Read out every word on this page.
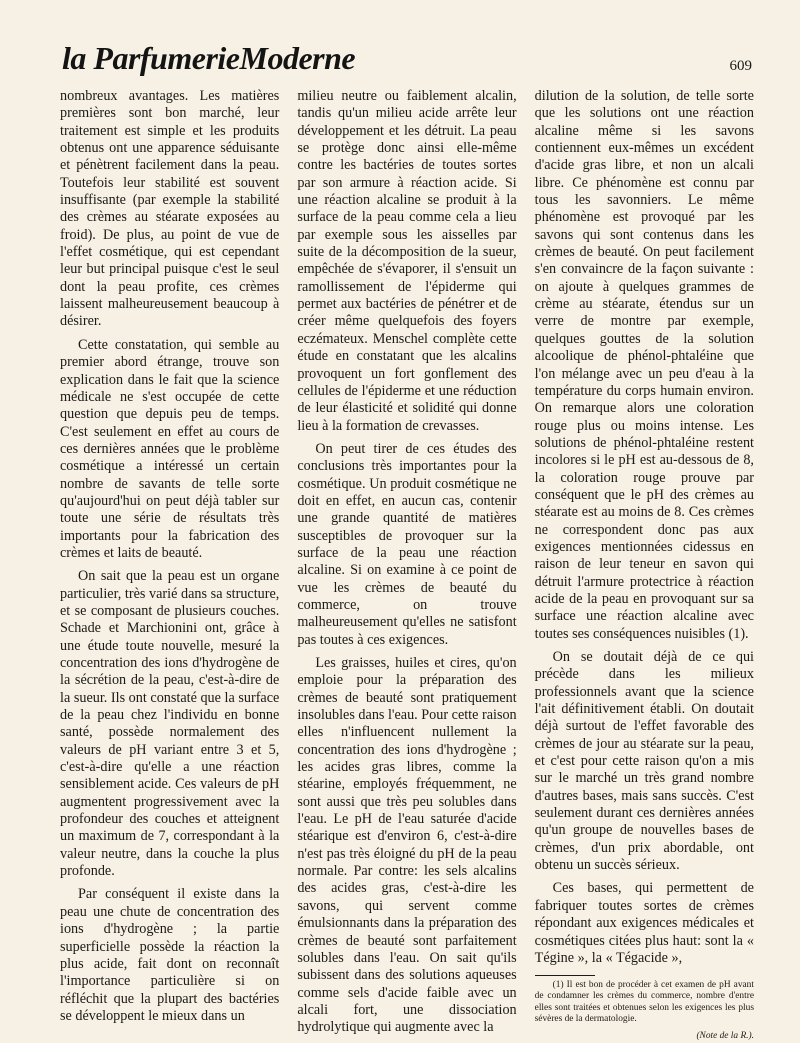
la ParfumerieModerne	609

nombreux avantages. Les matières premières sont bon marché, leur traitement est simple et les produits obtenus ont une apparence séduisante et pénètrent facilement dans la peau. Toutefois leur stabilité est souvent insuffisante (par exemple la stabilité des crèmes au stéarate exposées au froid). De plus, au point de vue de l'effet cosmétique, qui est cependant leur but principal puisque c'est le seul dont la peau profite, ces crèmes laissent malheureusement beaucoup à désirer.

Cette constatation, qui semble au premier abord étrange, trouve son explication dans le fait que la science médicale ne s'est occupée de cette question que depuis peu de temps. C'est seulement en effet au cours de ces dernières années que le problème cosmétique a intéressé un certain nombre de savants de telle sorte qu'aujourd'hui on peut déjà tabler sur toute une série de résultats très importants pour la fabrication des crèmes et laits de beauté.

On sait que la peau est un organe particulier, très varié dans sa structure, et se composant de plusieurs couches. Schade et Marchionini ont, grâce à une étude toute nouvelle, mesuré la concentration des ions d'hydrogène de la sécrétion de la peau, c'est-à-dire de la sueur. Ils ont constaté que la surface de la peau chez l'individu en bonne santé, possède normalement des valeurs de pH variant entre 3 et 5, c'est-à-dire qu'elle a une réaction sensiblement acide. Ces valeurs de pH augmentent progressivement avec la profondeur des couches et atteignent un maximum de 7, correspondant à la valeur neutre, dans la couche la plus profonde.

Par conséquent il existe dans la peau une chute de concentration des ions d'hydrogène ; la partie superficielle possède la réaction la plus acide, fait dont on reconnaît l'importance particulière si on réfléchit que la plupart des bactéries se développent le mieux dans un

milieu neutre ou faiblement alcalin, tandis qu'un milieu acide arrête leur développement et les détruit. La peau se protège donc ainsi elle-même contre les bactéries de toutes sortes par son armure à réaction acide. Si une réaction alcaline se produit à la surface de la peau comme cela a lieu par exemple sous les aisselles par suite de la décomposition de la sueur, empêchée de s'évaporer, il s'ensuit un ramollissement de l'épiderme qui permet aux bactéries de pénétrer et de créer même quelquefois des foyers eczémateux. Menschel complète cette étude en constatant que les alcalins provoquent un fort gonflement des cellules de l'épiderme et une réduction de leur élasticité et solidité qui donne lieu à la formation de crevasses.

On peut tirer de ces études des conclusions très importantes pour la cosmétique. Un produit cosmétique ne doit en effet, en aucun cas, contenir une grande quantité de matières susceptibles de provoquer sur la surface de la peau une réaction alcaline. Si on examine à ce point de vue les crèmes de beauté du commerce, on trouve malheureusement qu'elles ne satisfont pas toutes à ces exigences.

Les graisses, huiles et cires, qu'on emploie pour la préparation des crèmes de beauté sont pratiquement insolubles dans l'eau. Pour cette raison elles n'influencent nullement la concentration des ions d'hydrogène ; les acides gras libres, comme la stéarine, employés fréquemment, ne sont aussi que très peu solubles dans l'eau. Le pH de l'eau saturée d'acide stéarique est d'environ 6, c'est-à-dire n'est pas très éloigné du pH de la peau normale. Par contre: les sels alcalins des acides gras, c'est-à-dire les savons, qui servent comme émulsionnants dans la préparation des crèmes de beauté sont parfaitement solubles dans l'eau. On sait qu'ils subissent dans des solutions aqueuses comme sels d'acide faible avec un alcali fort, une dissociation hydrolytique qui augmente avec la

dilution de la solution, de telle sorte que les solutions ont une réaction alcaline même si les savons contiennent eux-mêmes un excédent d'acide gras libre, et non un alcali libre. Ce phénomène est connu par tous les savonniers. Le même phénomène est provoqué par les savons qui sont contenus dans les crèmes de beauté. On peut facilement s'en convaincre de la façon suivante : on ajoute à quelques grammes de crème au stéarate, étendus sur un verre de montre par exemple, quelques gouttes de la solution alcoolique de phénol-phtaléine que l'on mélange avec un peu d'eau à la température du corps humain environ. On remarque alors une coloration rouge plus ou moins intense. Les solutions de phénol-phtaléine restent incolores si le pH est au-dessous de 8, la coloration rouge prouve par conséquent que le pH des crèmes au stéarate est au moins de 8. Ces crèmes ne correspondent donc pas aux exigences mentionnées cidessus en raison de leur teneur en savon qui détruit l'armure protectrice à réaction acide de la peau en provoquant sur sa surface une réaction alcaline avec toutes ses conséquences nuisibles (1).

On se doutait déjà de ce qui précède dans les milieux professionnels avant que la science l'ait définitivement établi. On doutait déjà surtout de l'effet favorable des crèmes de jour au stéarate sur la peau, et c'est pour cette raison qu'on a mis sur le marché un très grand nombre d'autres bases, mais sans succès. C'est seulement durant ces dernières années qu'un groupe de nouvelles bases de crèmes, d'un prix abordable, ont obtenu un succès sérieux.

Ces bases, qui permettent de fabriquer toutes sortes de crèmes répondant aux exigences médicales et cosmétiques citées plus haut: sont la « Tégine », la « Tégacide »,

(1) Il est bon de procéder à cet examen de pH avant de condamner les crèmes du commerce, nombre d'entre elles sont traitées et obtenues selon les exigences les plus sévères de la dermatologie.

(Note de la R.).
